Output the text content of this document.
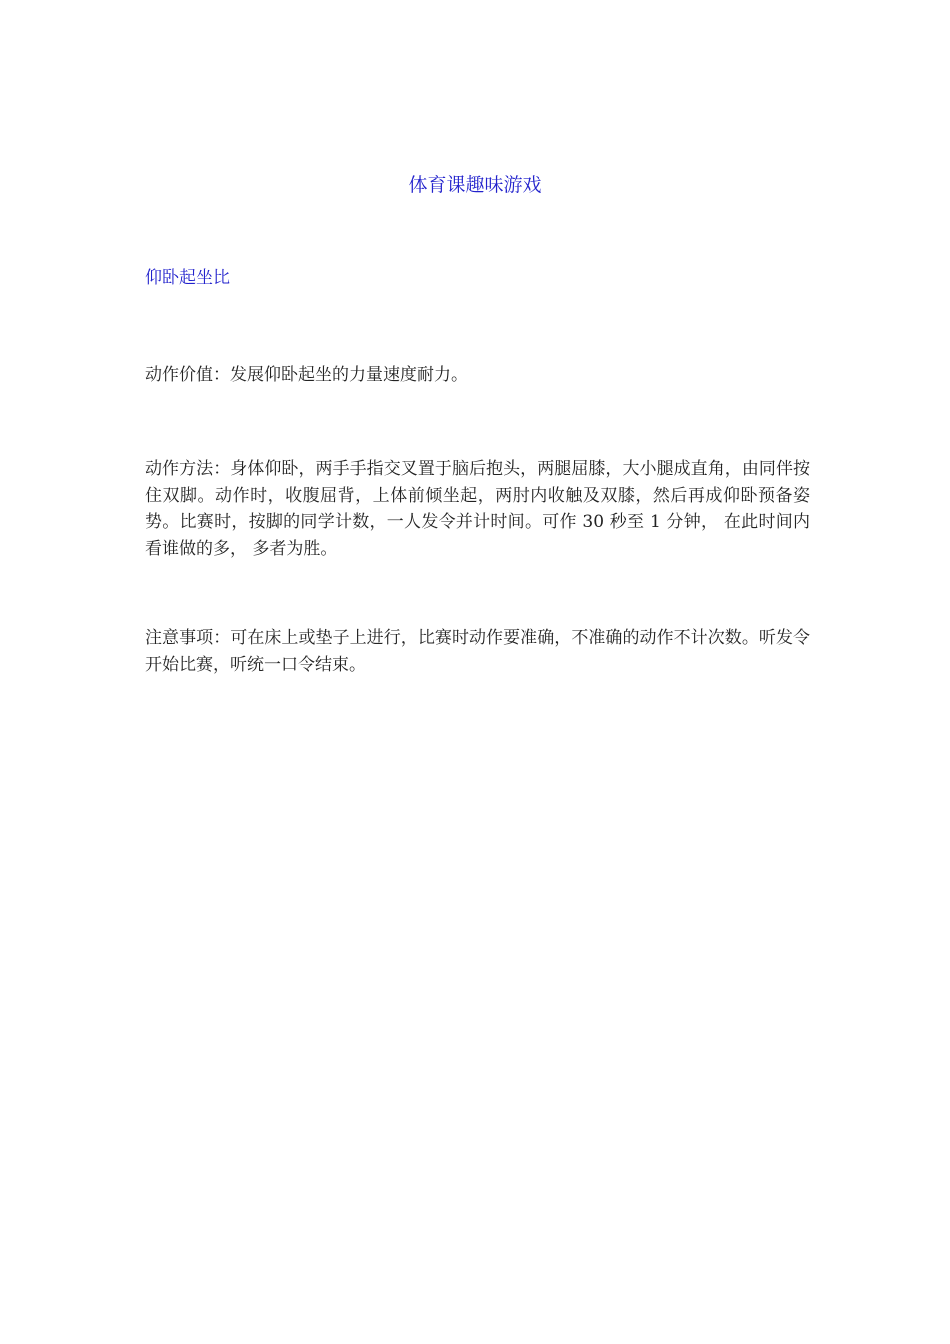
体育课趣味游戏
仰卧起坐比

动作价值：发展仰卧起坐的力量速度耐力。

动作方法：身体仰卧，两手手指交叉置于脑后抱头，两腿屈膝，大小腿成直角，由同伴按住双脚。动作时，收腹屈背，上体前倾坐起，两肘内收触及双膝，然后再成仰卧预备姿势。比赛时，按脚的同学计数，一人发令并计时间。可作 30 秒至 1 分钟， 在此时间内看谁做的多， 多者为胜。

注意事项：可在床上或垫子上进行，比赛时动作要准确，不准确的动作不计次数。听发令开始比赛，听统一口令结束。
